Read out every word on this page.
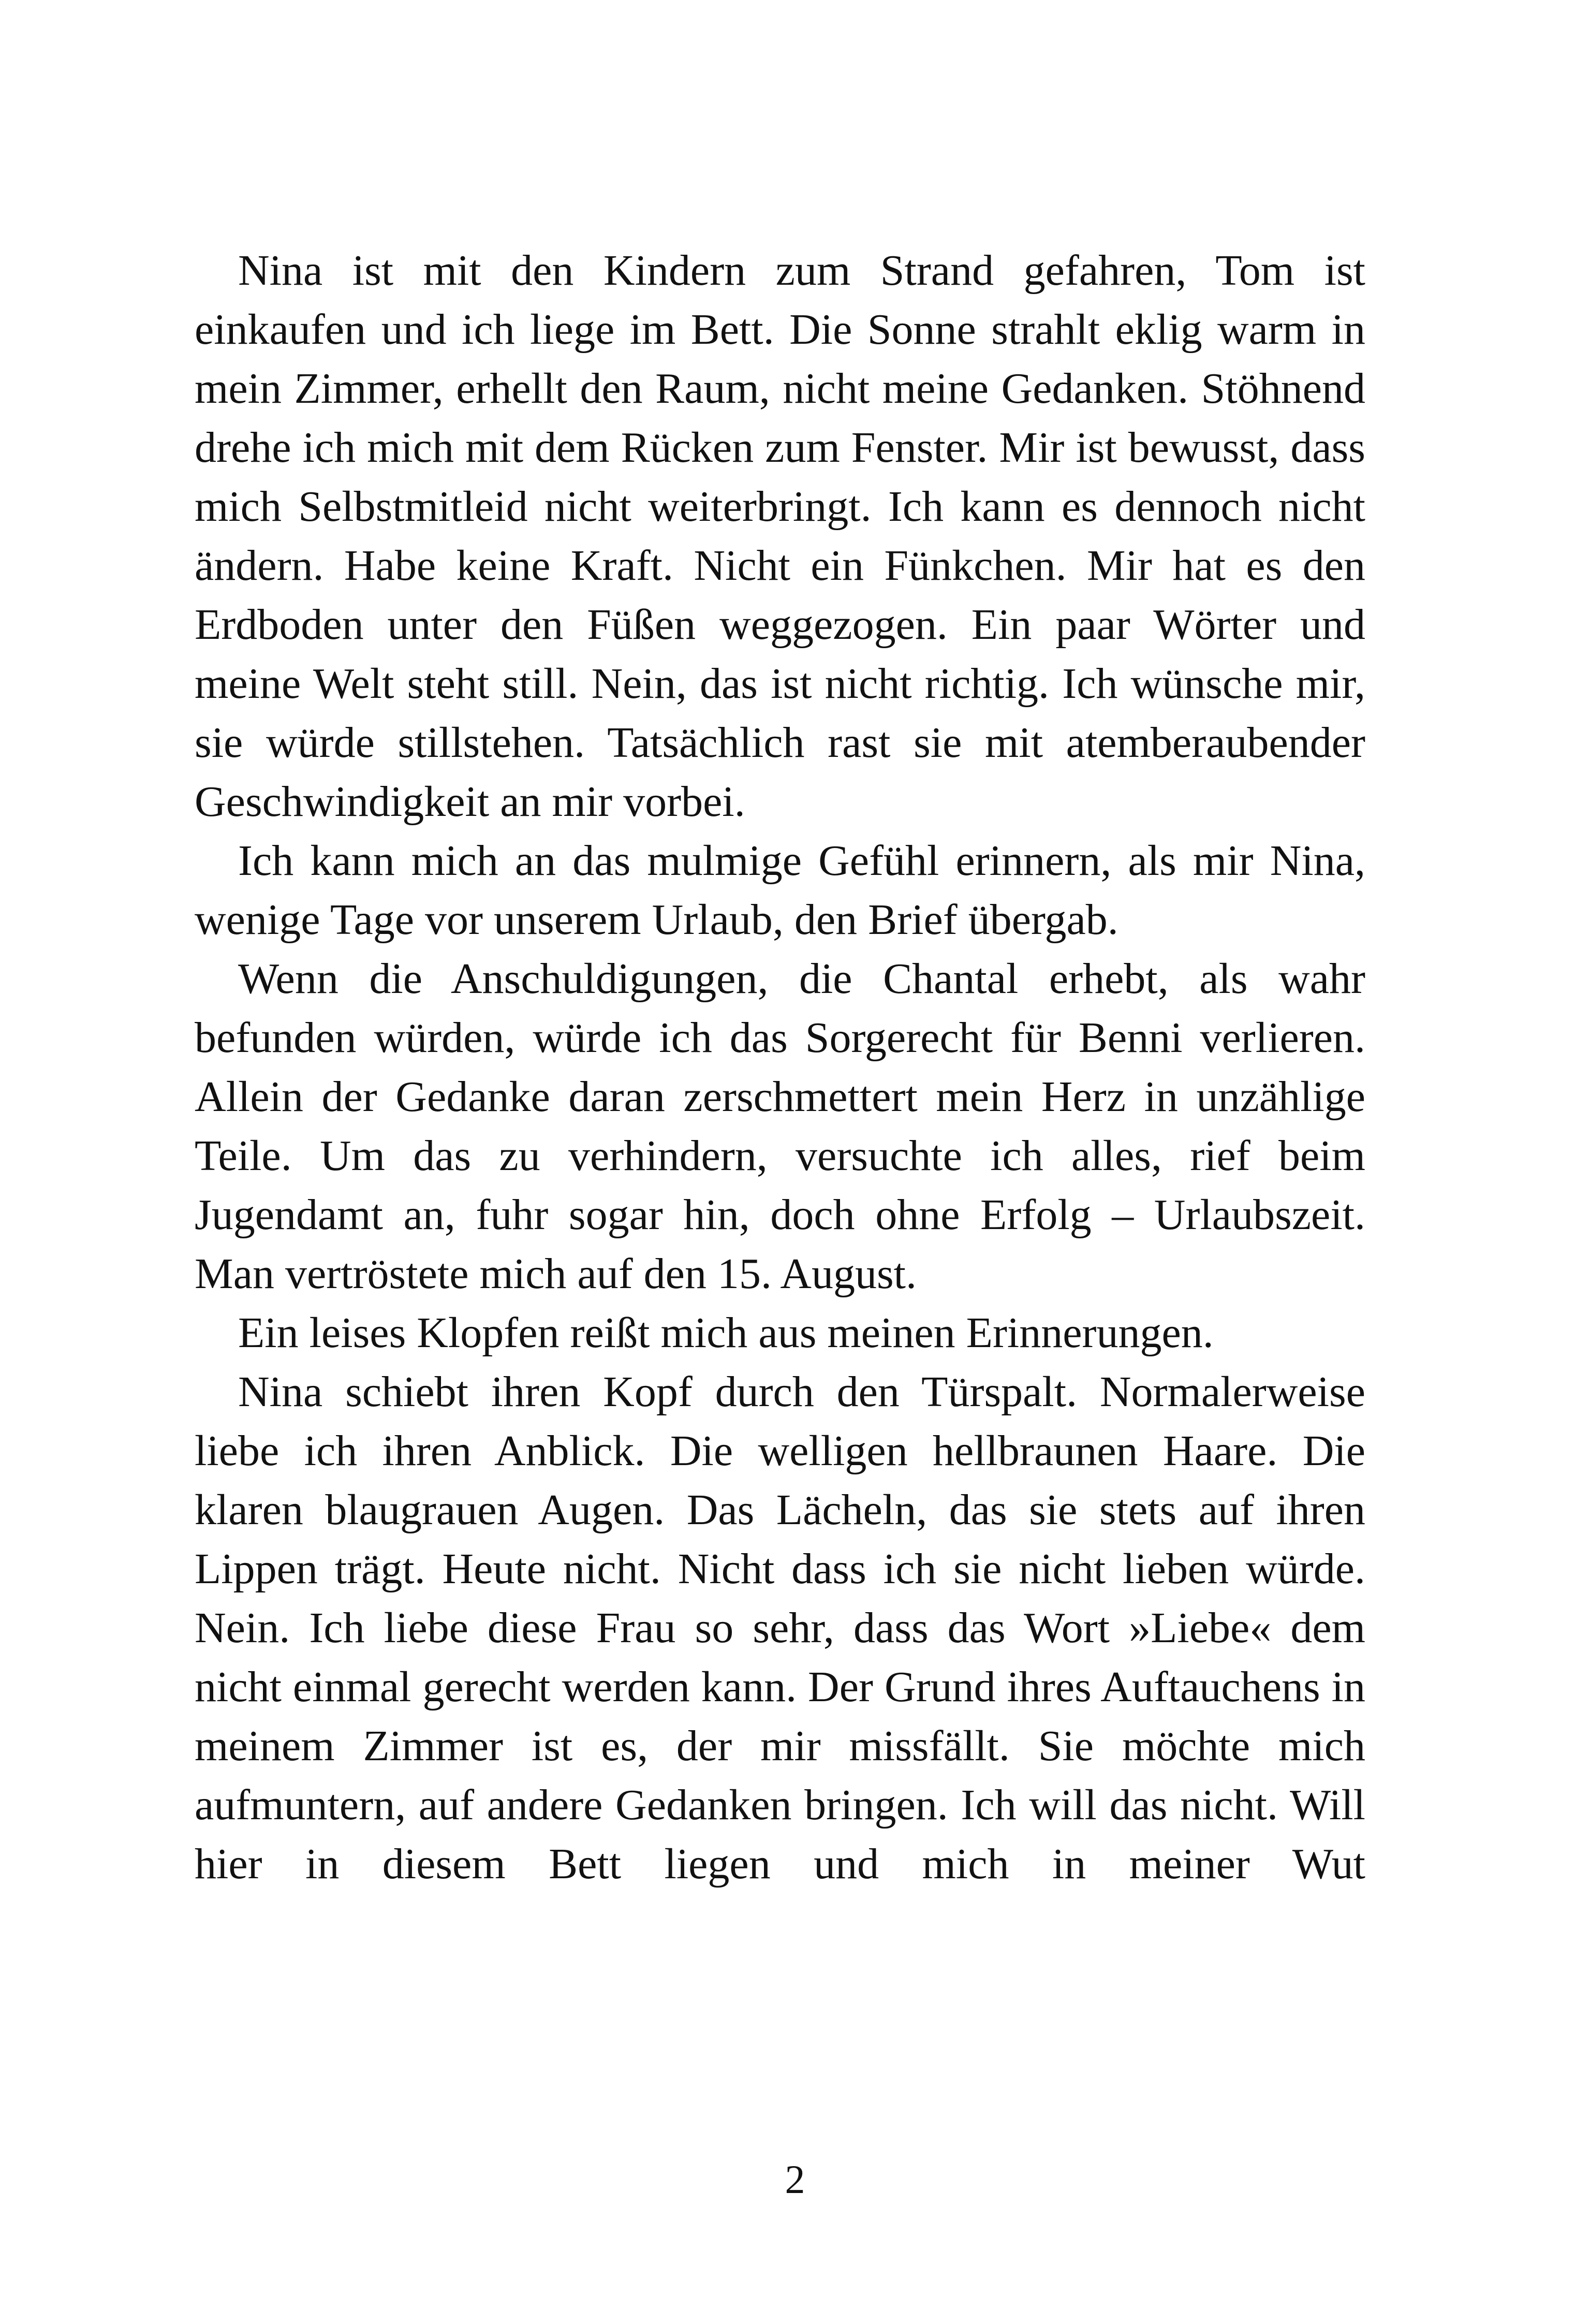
Nina ist mit den Kindern zum Strand gefahren, Tom ist einkaufen und ich liege im Bett. Die Sonne strahlt eklig warm in mein Zimmer, erhellt den Raum, nicht meine Gedanken. Stöhnend drehe ich mich mit dem Rücken zum Fenster. Mir ist bewusst, dass mich Selbstmitleid nicht weiterbringt. Ich kann es dennoch nicht ändern. Habe keine Kraft. Nicht ein Fünkchen. Mir hat es den Erdboden unter den Füßen weggezogen. Ein paar Wörter und meine Welt steht still. Nein, das ist nicht richtig. Ich wünsche mir, sie würde stillstehen. Tatsächlich rast sie mit atemberaubender Geschwindigkeit an mir vorbei.

Ich kann mich an das mulmige Gefühl erinnern, als mir Nina, wenige Tage vor unserem Urlaub, den Brief übergab.

Wenn die Anschuldigungen, die Chantal erhebt, als wahr befunden würden, würde ich das Sorgerecht für Benni verlieren. Allein der Gedanke daran zerschmettert mein Herz in unzählige Teile. Um das zu verhindern, versuchte ich alles, rief beim Jugendamt an, fuhr sogar hin, doch ohne Erfolg – Urlaubszeit. Man vertröstete mich auf den 15. August.

Ein leises Klopfen reißt mich aus meinen Erinnerungen.

Nina schiebt ihren Kopf durch den Türspalt. Normalerweise liebe ich ihren Anblick. Die welligen hellbraunen Haare. Die klaren blaugrauen Augen. Das Lächeln, das sie stets auf ihren Lippen trägt. Heute nicht. Nicht dass ich sie nicht lieben würde. Nein. Ich liebe diese Frau so sehr, dass das Wort »Liebe« dem nicht einmal gerecht werden kann. Der Grund ihres Auftauchens in meinem Zimmer ist es, der mir missfällt. Sie möchte mich aufmuntern, auf andere Gedanken bringen. Ich will das nicht. Will hier in diesem Bett liegen und mich in meiner Wut

2
